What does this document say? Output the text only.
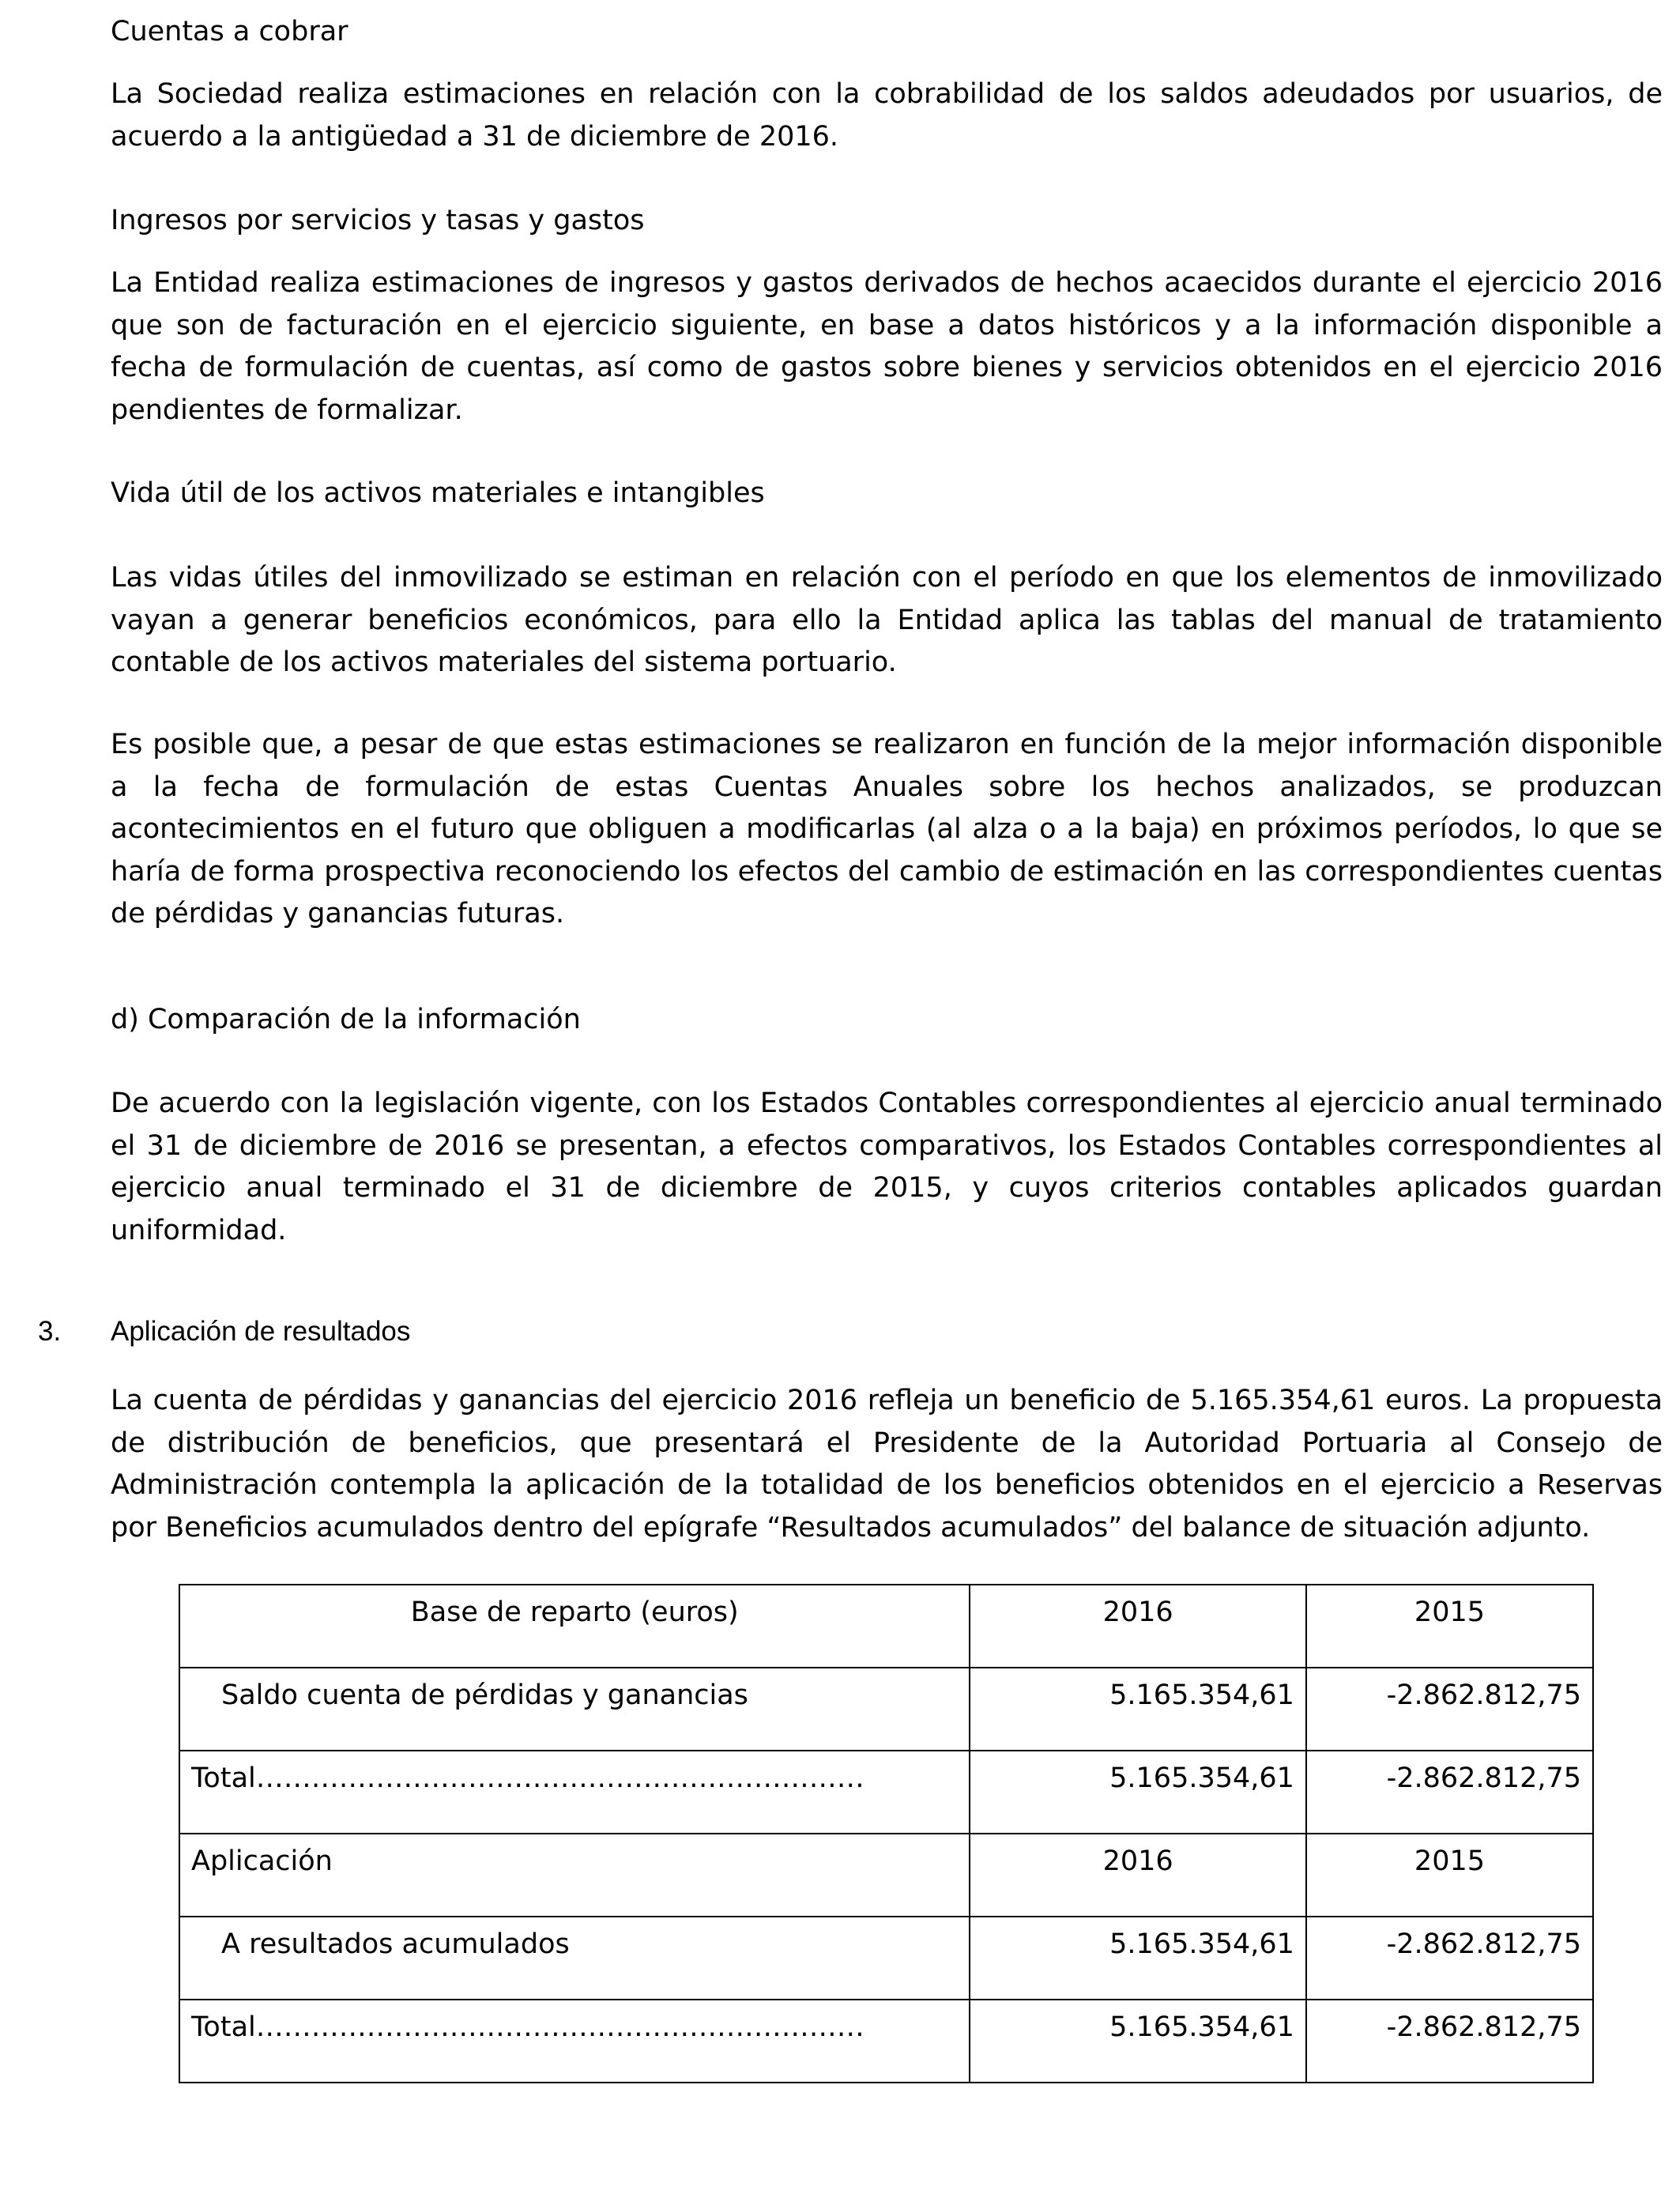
Cuentas a cobrar
La Sociedad realiza estimaciones en relación con la cobrabilidad de los saldos adeudados por usuarios, de acuerdo a la antigüedad a 31 de diciembre de 2016.
Ingresos por servicios y tasas y gastos
La Entidad realiza estimaciones de ingresos y gastos derivados de hechos acaecidos durante el ejercicio 2016 que son de facturación en el ejercicio siguiente, en base a datos históricos y a la información disponible a fecha de formulación de cuentas, así como de gastos sobre bienes y servicios obtenidos en el ejercicio 2016 pendientes de formalizar.
Vida útil de los activos materiales e intangibles
Las vidas útiles del inmovilizado se estiman en relación con el período en que los elementos de inmovilizado vayan a generar beneficios económicos, para ello la Entidad aplica las tablas del manual de tratamiento contable de los activos materiales del sistema portuario.
Es posible que, a pesar de que estas estimaciones se realizaron en función de la mejor información disponible a la fecha de formulación de estas Cuentas Anuales sobre los hechos analizados, se produzcan acontecimientos en el futuro que obliguen a modificarlas (al alza o a la baja) en próximos períodos, lo que se haría de forma prospectiva reconociendo los efectos del cambio de estimación en las correspondientes cuentas de pérdidas y ganancias futuras.
d) Comparación de la información
De acuerdo con la legislación vigente, con los Estados Contables correspondientes al ejercicio anual terminado el 31 de diciembre de 2016 se presentan, a efectos comparativos, los Estados Contables correspondientes al ejercicio anual terminado el 31 de diciembre de 2015, y cuyos criterios contables aplicados guardan uniformidad.
3. Aplicación de resultados
La cuenta de pérdidas y ganancias del ejercicio 2016 refleja un beneficio de 5.165.354,61 euros. La propuesta de distribución de beneficios, que presentará el Presidente de la Autoridad Portuaria al Consejo de Administración contempla la aplicación de la totalidad de los beneficios obtenidos en el ejercicio a Reservas por Beneficios acumulados dentro del epígrafe “Resultados acumulados” del balance de situación adjunto.
Base de reparto (euros)	2016	2015

Saldo cuenta de pérdidas y ganancias	5.165.354,61	-2.862.812,75

Total…………………………………………………………	5.165.354,61	-2.862.812,75

Aplicación	2016	2015

A resultados acumulados	5.165.354,61	-2.862.812,75

Total…………………………………………………………	5.165.354,61	-2.862.812,75
